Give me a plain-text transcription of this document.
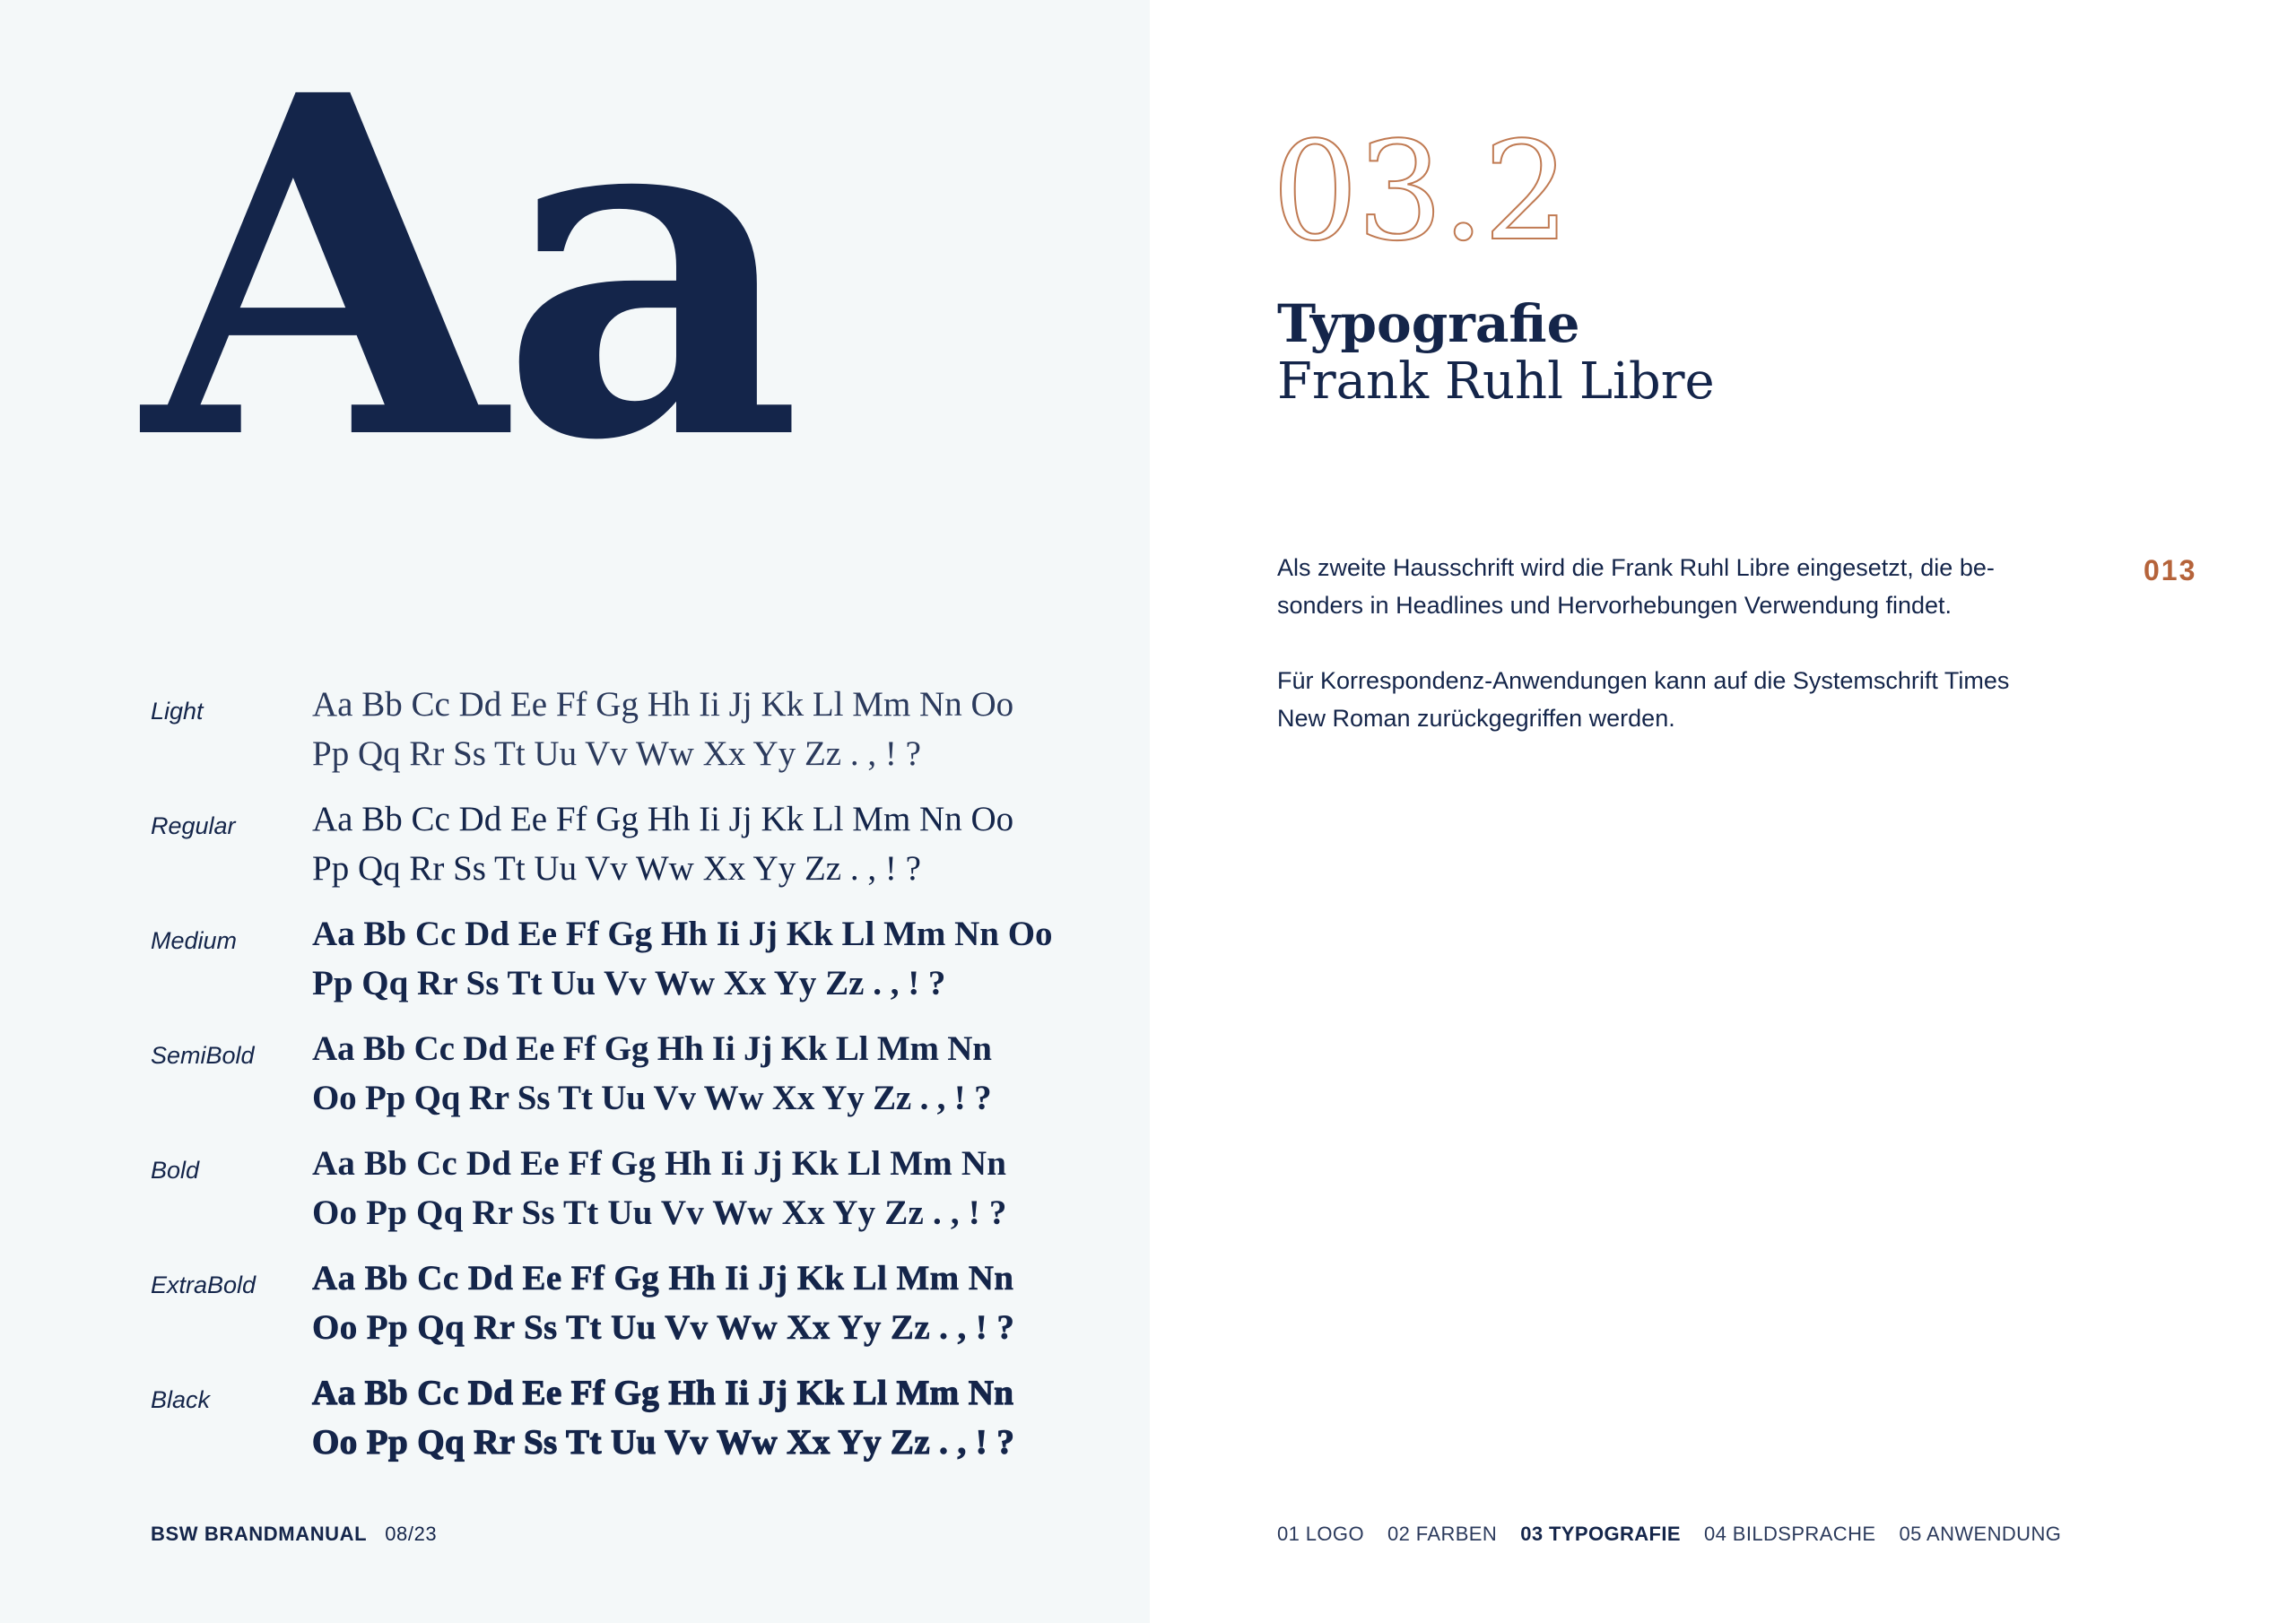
Aa
Light	Aa Bb Cc Dd Ee Ff Gg Hh Ii Jj Kk Ll Mm Nn Oo
Pp Qq Rr Ss Tt Uu Vv Ww Xx Yy Zz . , ! ?
Regular	Aa Bb Cc Dd Ee Ff Gg Hh Ii Jj Kk Ll Mm Nn Oo
Pp Qq Rr Ss Tt Uu Vv Ww Xx Yy Zz . , ! ?
Medium	Aa Bb Cc Dd Ee Ff Gg Hh Ii Jj Kk Ll Mm Nn Oo
Pp Qq Rr Ss Tt Uu Vv Ww Xx Yy Zz . , ! ?
SemiBold	Aa Bb Cc Dd Ee Ff Gg Hh Ii Jj Kk Ll Mm Nn
Oo Pp Qq Rr Ss Tt Uu Vv Ww Xx Yy Zz . , ! ?
Bold	Aa Bb Cc Dd Ee Ff Gg Hh Ii Jj Kk Ll Mm Nn
Oo Pp Qq Rr Ss Tt Uu Vv Ww Xx Yy Zz . , ! ?
ExtraBold	Aa Bb Cc Dd Ee Ff Gg Hh Ii Jj Kk Ll Mm Nn
Oo Pp Qq Rr Ss Tt Uu Vv Ww Xx Yy Zz . , ! ?
Black	Aa Bb Cc Dd Ee Ff Gg Hh Ii Jj Kk Ll Mm Nn
Oo Pp Qq Rr Ss Tt Uu Vv Ww Xx Yy Zz . , ! ?
BSW BRANDMANUAL 08/23
03.2
Typografie
Frank Ruhl Libre

Als zweite Hausschrift wird die Frank Ruhl Libre eingesetzt, die be-sonders in Headlines und Hervorhebungen Verwendung findet.

Für Korrespondenz-Anwendungen kann auf die Systemschrift Times New Roman zurückgegriffen werden.

013
01 LOGO 02 FARBEN 03 TYPOGRAFIE 04 BILDSPRACHE 05 ANWENDUNG
